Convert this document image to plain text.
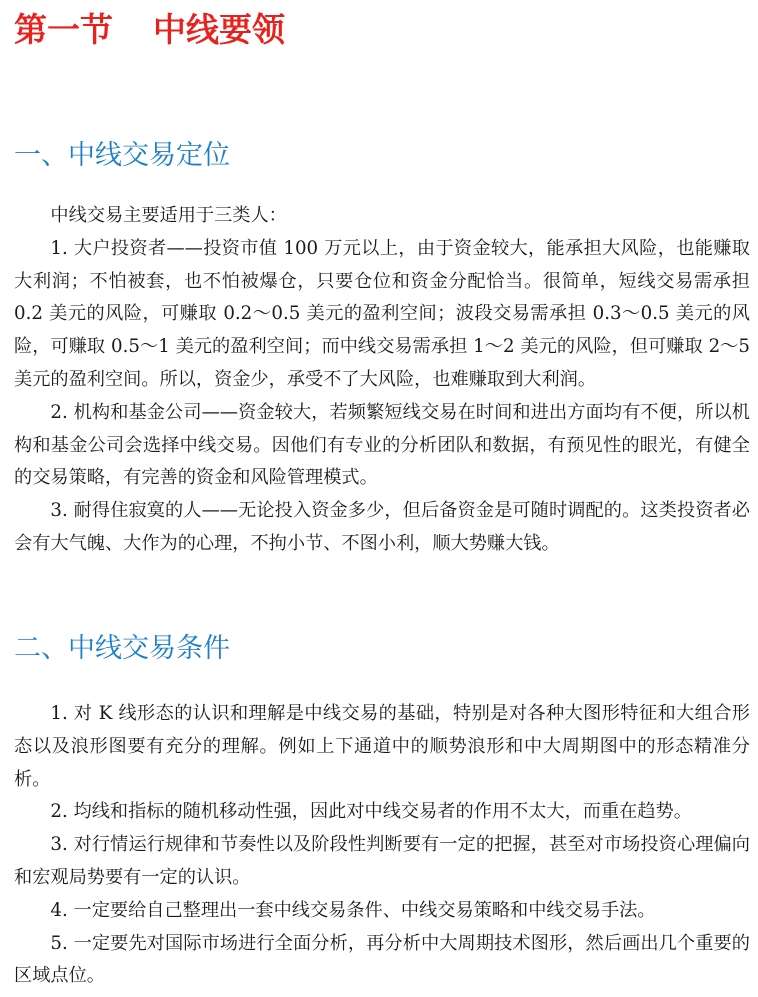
第一节 中线要领
一、中线交易定位

中线交易主要适用于三类人：

1. 大户投资者——投资市值 100 万元以上，由于资金较大，能承担大风险，也能赚取大利润；不怕被套，也不怕被爆仓，只要仓位和资金分配恰当。很简单，短线交易需承担 0.2 美元的风险，可赚取 0.2～0.5 美元的盈利空间；波段交易需承担 0.3～0.5 美元的风险，可赚取 0.5～1 美元的盈利空间；而中线交易需承担 1～2 美元的风险，但可赚取 2～5 美元的盈利空间。所以，资金少，承受不了大风险，也难赚取到大利润。

2. 机构和基金公司——资金较大，若频繁短线交易在时间和进出方面均有不便，所以机构和基金公司会选择中线交易。因他们有专业的分析团队和数据，有预见性的眼光，有健全的交易策略，有完善的资金和风险管理模式。

3. 耐得住寂寞的人——无论投入资金多少，但后备资金是可随时调配的。这类投资者必会有大气魄、大作为的心理，不拘小节、不图小利，顺大势赚大钱。

二、中线交易条件

1. 对 K 线形态的认识和理解是中线交易的基础，特别是对各种大图形特征和大组合形态以及浪形图要有充分的理解。例如上下通道中的顺势浪形和中大周期图中的形态精准分析。

2. 均线和指标的随机移动性强，因此对中线交易者的作用不太大，而重在趋势。

3. 对行情运行规律和节奏性以及阶段性判断要有一定的把握，甚至对市场投资心理偏向和宏观局势要有一定的认识。

4. 一定要给自己整理出一套中线交易条件、中线交易策略和中线交易手法。

5. 一定要先对国际市场进行全面分析，再分析中大周期技术图形，然后画出几个重要的区域点位。
